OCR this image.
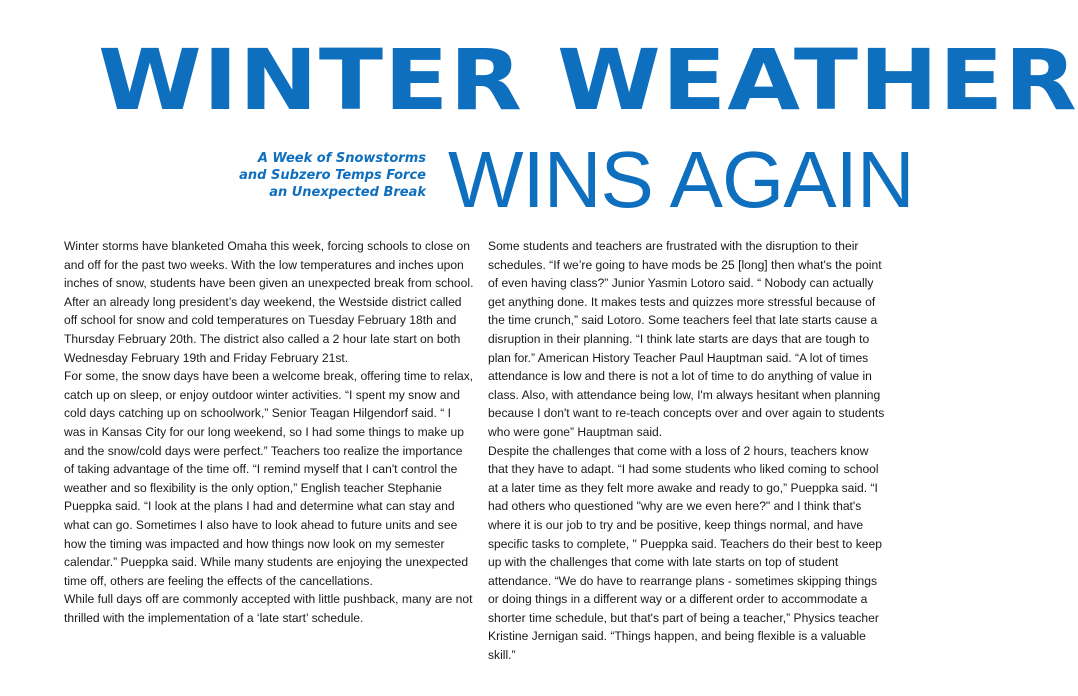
WINTER WEATHER
A Week of Snowstorms
and Subzero Temps Force
an Unexpected Break WINS AGAIN

Winter storms have blanketed Omaha this week, forcing schools to close on and off for the past two weeks. With the low temperatures and inches upon inches of snow, students have been given an unexpected break from school. After an already long president’s day weekend, the Westside district called off school for snow and cold temperatures on Tuesday February 18th and Thursday February 20th. The district also called a 2 hour late start on both Wednesday February 19th and Friday February 21st.

For some, the snow days have been a welcome break, offering time to relax, catch up on sleep, or enjoy outdoor winter activities. “I spent my snow and cold days catching up on schoolwork,” Senior Teagan Hilgendorf said. “ I was in Kansas City for our long weekend, so I had some things to make up and the snow/cold days were perfect.” Teachers too realize the importance of taking advantage of the time off. “I remind myself that I can't control the weather and so flexibility is the only option,” English teacher Stephanie Pueppka said. “I look at the plans I had and determine what can stay and what can go. Sometimes I also have to look ahead to future units and see how the timing was impacted and how things now look on my semester calendar.” Pueppka said. While many students are enjoying the unexpected time off, others are feeling the effects of the cancellations.

While full days off are commonly accepted with little pushback, many are not thrilled with the implementation of a ‘late start’ schedule.

Some students and teachers are frustrated with the disruption to their schedules. “If we’re going to have mods be 25 [long] then what's the point of even having class?” Junior Yasmin Lotoro said. “ Nobody can actually get anything done. It makes tests and quizzes more stressful because of the time crunch,” said Lotoro. Some teachers feel that late starts cause a disruption in their planning. “I think late starts are days that are tough to plan for.” American History Teacher Paul Hauptman said. “A lot of times attendance is low and there is not a lot of time to do anything of value in class. Also, with attendance being low, I'm always hesitant when planning because I don't want to re-teach concepts over and over again to students who were gone” Hauptman said.

Despite the challenges that come with a loss of 2 hours, teachers know that they have to adapt. “I had some students who liked coming to school at a later time as they felt more awake and ready to go,” Pueppka said. “I had others who questioned "why are we even here?" and I think that's where it is our job to try and be positive, keep things normal, and have specific tasks to complete, " Pueppka said. Teachers do their best to keep up with the challenges that come with late starts on top of student attendance. “We do have to rearrange plans - sometimes skipping things or doing things in a different way or a different order to accommodate a shorter time schedule, but that's part of being a teacher,” Physics teacher Kristine Jernigan said. “Things happen, and being flexible is a valuable skill.”
